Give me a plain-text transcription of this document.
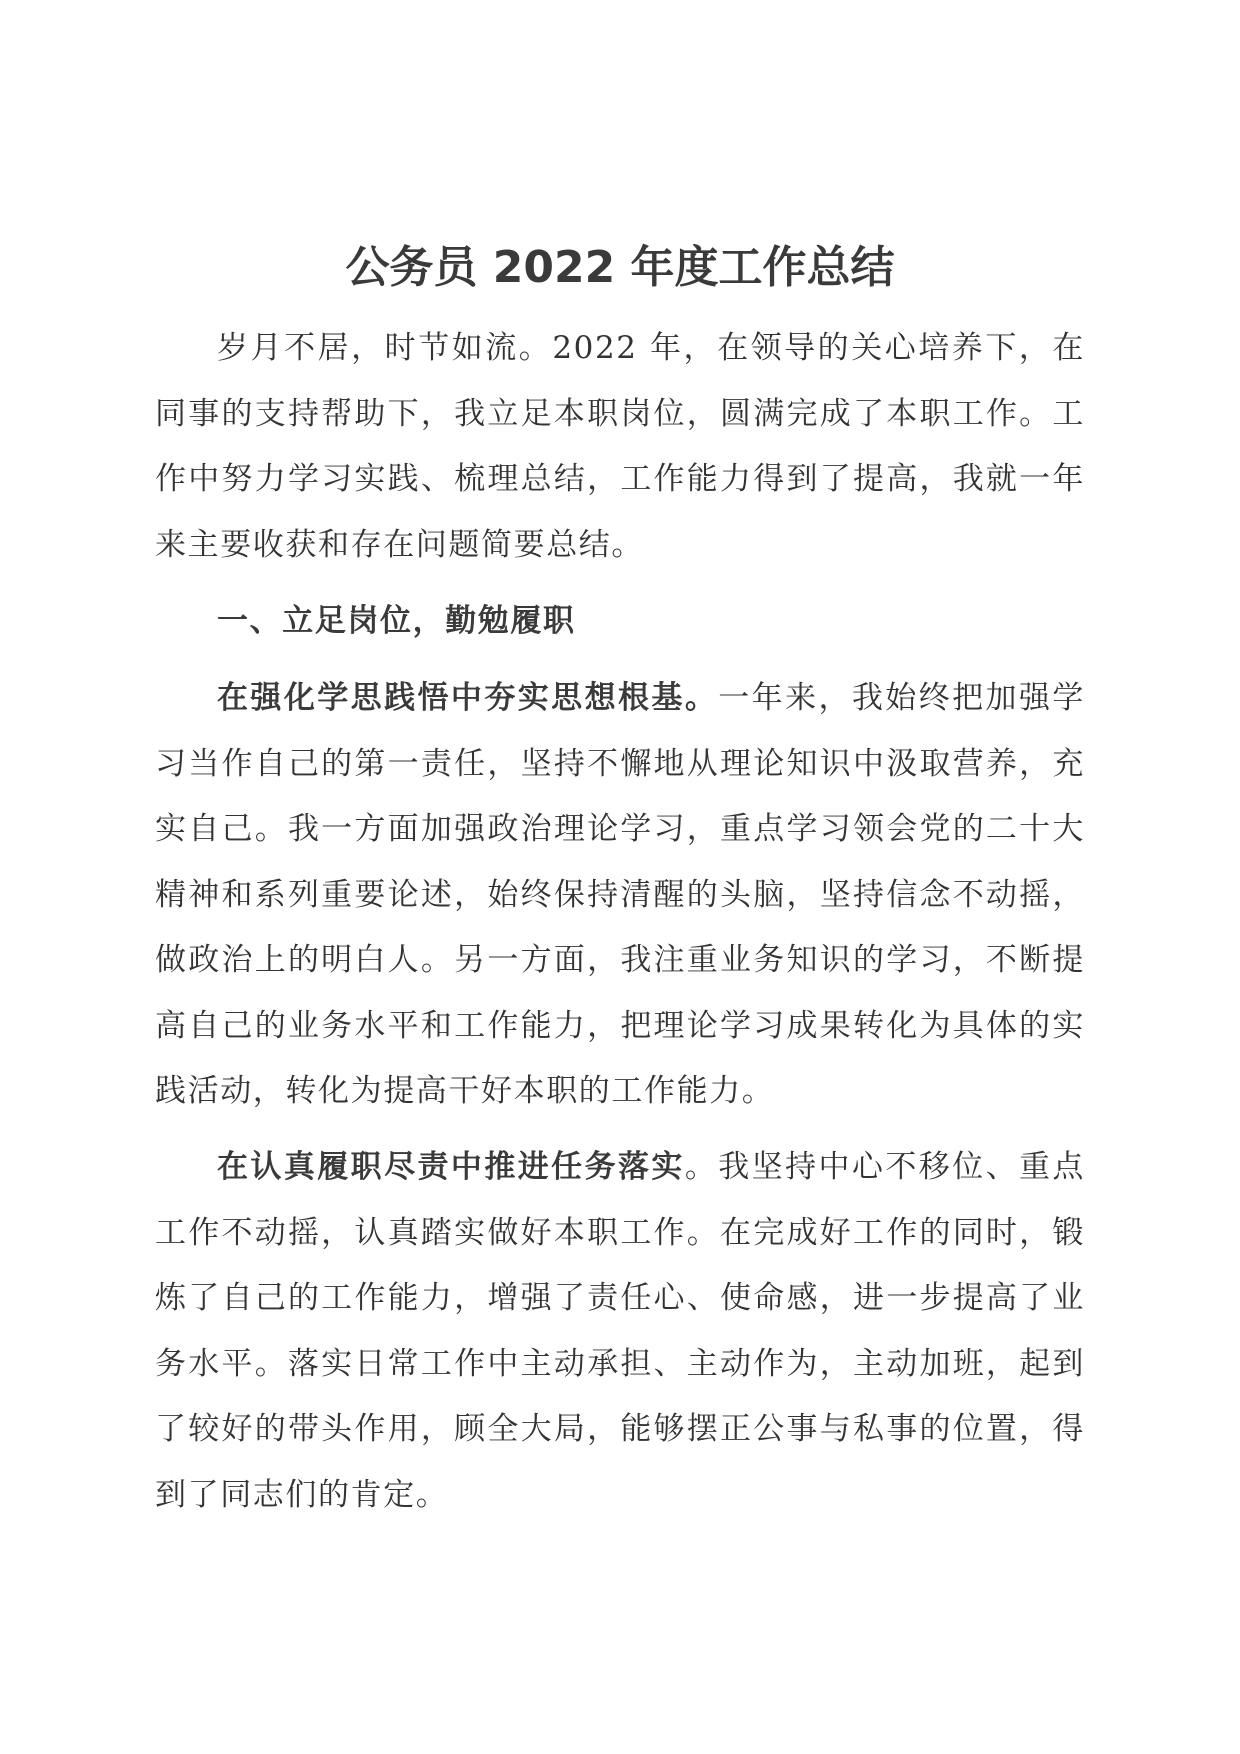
公务员 2022 年度工作总结

岁月不居，时节如流。2022 年，在领导的关心培养下，在同事的支持帮助下，我立足本职岗位，圆满完成了本职工作。工作中努力学习实践、梳理总结，工作能力得到了提高，我就一年来主要收获和存在问题简要总结。

一、立足岗位，勤勉履职

在强化学思践悟中夯实思想根基。一年来，我始终把加强学习当作自己的第一责任，坚持不懈地从理论知识中汲取营养，充实自己。我一方面加强政治理论学习，重点学习领会党的二十大精神和系列重要论述，始终保持清醒的头脑，坚持信念不动摇，做政治上的明白人。另一方面，我注重业务知识的学习，不断提高自己的业务水平和工作能力，把理论学习成果转化为具体的实践活动，转化为提高干好本职的工作能力。

在认真履职尽责中推进任务落实。我坚持中心不移位、重点工作不动摇，认真踏实做好本职工作。在完成好工作的同时，锻炼了自己的工作能力，增强了责任心、使命感，进一步提高了业务水平。落实日常工作中主动承担、主动作为，主动加班，起到了较好的带头作用，顾全大局，能够摆正公事与私事的位置，得到了同志们的肯定。
